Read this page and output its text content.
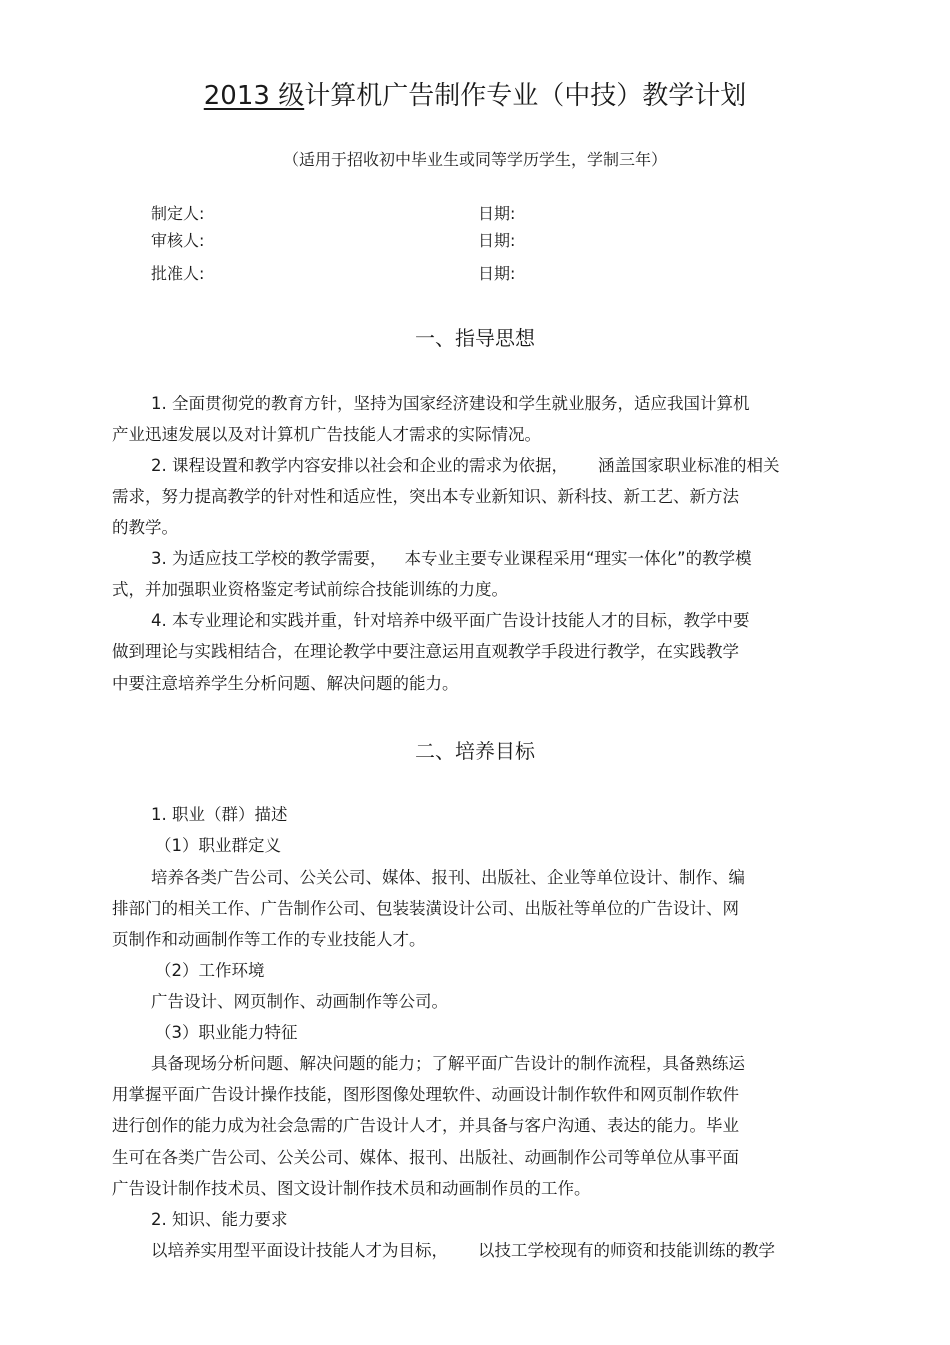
2013 级计算机广告制作专业（中技）教学计划
（适用于招收初中毕业生或同等学历学生，学制三年）
制定人:	日期:
审核人:	日期:
批准人:	日期:
一、指导思想
1. 全面贯彻党的教育方针，坚持为国家经济建设和学生就业服务，适应我国计算机
产业迅速发展以及对计算机广告技能人才需求的实际情况。
2. 课程设置和教学内容安排以社会和企业的需求为依据， 涵盖国家职业标准的相关
需求，努力提高教学的针对性和适应性，突出本专业新知识、新科技、新工艺、新方法
的教学。
3. 为适应技工学校的教学需要， 本专业主要专业课程采用“理实一体化”的教学模
式，并加强职业资格鉴定考试前综合技能训练的力度。
4. 本专业理论和实践并重，针对培养中级平面广告设计技能人才的目标，教学中要
做到理论与实践相结合，在理论教学中要注意运用直观教学手段进行教学，在实践教学
中要注意培养学生分析问题、解决问题的能力。
二、培养目标
1. 职业（群）描述
（1）职业群定义
培养各类广告公司、公关公司、媒体、报刊、出版社、企业等单位设计、制作、编
排部门的相关工作、广告制作公司、包装装潢设计公司、出版社等单位的广告设计、网
页制作和动画制作等工作的专业技能人才。
（2）工作环境
广告设计、网页制作、动画制作等公司。
（3）职业能力特征
具备现场分析问题、解决问题的能力；了解平面广告设计的制作流程，具备熟练运
用掌握平面广告设计操作技能，图形图像处理软件、动画设计制作软件和网页制作软件
进行创作的能力成为社会急需的广告设计人才，并具备与客户沟通、表达的能力。毕业
生可在各类广告公司、公关公司、媒体、报刊、出版社、动画制作公司等单位从事平面
广告设计制作技术员、图文设计制作技术员和动画制作员的工作。
2. 知识、能力要求
以培养实用型平面设计技能人才为目标， 以技工学校现有的师资和技能训练的教学
